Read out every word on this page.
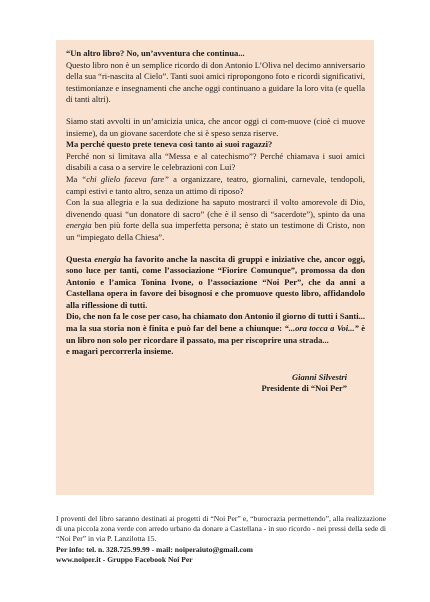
“Un altro libro? No, un’avventura che continua...
Questo libro non è un semplice ricordo di don Antonio L’Oliva nel decimo anniversario della sua “ri-nascita al Cielo”. Tanti suoi amici ripropongono foto e ricordi significativi, testimonianze e insegnamenti che anche oggi continuano a guidare la loro vita (e quella di tanti altri).

Siamo stati avvolti in un’amicizia unica, che ancor oggi ci com-muove (cioè ci muove insieme), da un giovane sacerdote che si è speso senza riserve.

Ma perché questo prete teneva così tanto ai suoi ragazzi?
Perché non si limitava alla “Messa e al catechismo”? Perché chiamava i suoi amici disabili a casa o a servire le celebrazioni con Lui?

Ma “chi glielo faceva fare” a organizzare, teatro, giornalini, carnevale, tendopoli, campi estivi e tanto altro, senza un attimo di riposo?

Con la sua allegria e la sua dedizione ha saputo mostrarci il volto amorevole di Dio, divenendo quasi “un donatore di sacro” (che è il senso di “sacerdote”), spinto da una energia ben più forte della sua imperfetta persona; è stato un testimone di Cristo, non un “impiegato della Chiesa”.

Questa energia ha favorito anche la nascita di gruppi e iniziative che, ancor oggi, sono luce per tanti, come l’associazione “Fiorire Comunque”, promossa da don Antonio e l’amica Tonina Ivone, o l’associazione “Noi Per”, che da anni a Castellana opera in favore dei bisognosi e che promuove questo libro, affidandolo alla riflessione di tutti.
Dio, che non fa le cose per caso, ha chiamato don Antonio il giorno di tutti i Santi... ma la sua storia non è finita e può far del bene a chiunque: “...ora tocca a Voi...” è un libro non solo per ricordare il passato, ma per riscoprire una strada...
e magari percorrerla insieme.

Gianni Silvestri
Presidente di “Noi Per”
I proventi del libro saranno destinati ai progetti di “Noi Per” e, “burocrazia permettendo”, alla realizzazione di una piccola zona verde con arredo urbano da donare a Castellana - in suo ricordo - nei pressi della sede di “Noi Per” in via P. Lanzilotta 15.
Per info: tel. n. 328.725.99.99 - mail: noiperaiuto@gmail.com
www.noiper.it - Gruppo Facebook Noi Per
